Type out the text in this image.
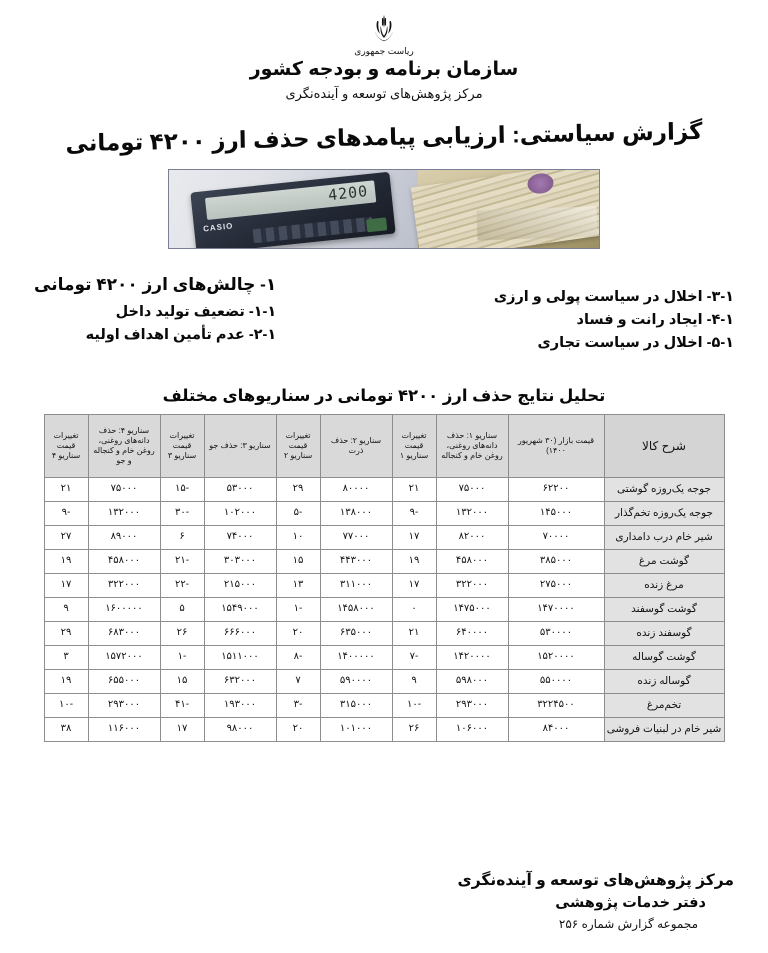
ریاست جمهوری
سازمان برنامه و بودجه کشور
مرکز پژوهش‌های توسعه و آینده‌نگری
گزارش سیاستی: ارزیابی پیامدهای حذف ارز ۴۲۰۰ تومانی
4200
CASIO
۳-۱- اخلال در سیاست پولی و ارزی
۴-۱- ایجاد رانت و فساد
۵-۱- اخلال در سیاست تجاری
۱- چالش‌های ارز ۴۲۰۰ تومانی
۱-۱- تضعیف تولید داخل
۲-۱- عدم تأمین اهداف اولیه
تحلیل نتایج حذف ارز ۴۲۰۰ تومانی در سناریوهای مختلف
شرح کالا	قیمت بازار (۳۰ شهریور ۱۴۰۰)	سناریو ۱: حذف دانه‌های روغنی، روغن خام و کنجاله	تغییرات قیمت سناریو ۱	سناریو ۲: حذف ذرت	تغییرات قیمت سناریو ۲	سناریو ۳: حذف جو	تغییرات قیمت سناریو ۳	سناریو ۴: حذف دانه‌های روغنی، روغن خام و کنجاله و جو	تغییرات قیمت سناریو ۴
جوجه یک‌روزه گوشتی	۶۲۲۰۰	۷۵۰۰۰	۲۱	۸۰۰۰۰	۲۹	۵۳۰۰۰	-۱۵	۷۵۰۰۰	۲۱
جوجه یک‌روزه تخم‌گذار	۱۴۵۰۰۰	۱۳۲۰۰۰	-۹	۱۳۸۰۰۰	-۵	۱۰۲۰۰۰	-۳۰	۱۳۲۰۰۰	-۹
شیر خام درب دامداری	۷۰۰۰۰	۸۲۰۰۰	۱۷	۷۷۰۰۰	۱۰	۷۴۰۰۰	۶	۸۹۰۰۰	۲۷
گوشت مرغ	۳۸۵۰۰۰	۴۵۸۰۰۰	۱۹	۴۴۳۰۰۰	۱۵	۳۰۳۰۰۰	-۲۱	۴۵۸۰۰۰	۱۹
مرغ زنده	۲۷۵۰۰۰	۳۲۲۰۰۰	۱۷	۳۱۱۰۰۰	۱۳	۲۱۵۰۰۰	-۲۲	۳۲۲۰۰۰	۱۷
گوشت گوسفند	۱۴۷۰۰۰۰	۱۴۷۵۰۰۰	۰	۱۴۵۸۰۰۰	-۱	۱۵۴۹۰۰۰	۵	۱۶۰۰۰۰۰	۹
گوسفند زنده	۵۳۰۰۰۰	۶۴۰۰۰۰	۲۱	۶۳۵۰۰۰	۲۰	۶۶۶۰۰۰	۲۶	۶۸۳۰۰۰	۲۹
گوشت گوساله	۱۵۲۰۰۰۰	۱۴۲۰۰۰۰	-۷	۱۴۰۰۰۰۰	-۸	۱۵۱۱۰۰۰	-۱	۱۵۷۲۰۰۰	۳
گوساله زنده	۵۵۰۰۰۰	۵۹۸۰۰۰	۹	۵۹۰۰۰۰	۷	۶۳۲۰۰۰	۱۵	۶۵۵۰۰۰	۱۹
تخم‌مرغ	۳۲۲۴۵۰۰	۲۹۳۰۰۰	-۱۰	۳۱۵۰۰۰	-۳	۱۹۳۰۰۰	-۴۱	۲۹۳۰۰۰	-۱۰
شیر خام در لبنیات فروشی	۸۴۰۰۰	۱۰۶۰۰۰	۲۶	۱۰۱۰۰۰	۲۰	۹۸۰۰۰	۱۷	۱۱۶۰۰۰	۳۸
مرکز پژوهش‌های توسعه و آینده‌نگری
دفتر خدمات پژوهشی
مجموعه گزارش شماره ۲۵۶
